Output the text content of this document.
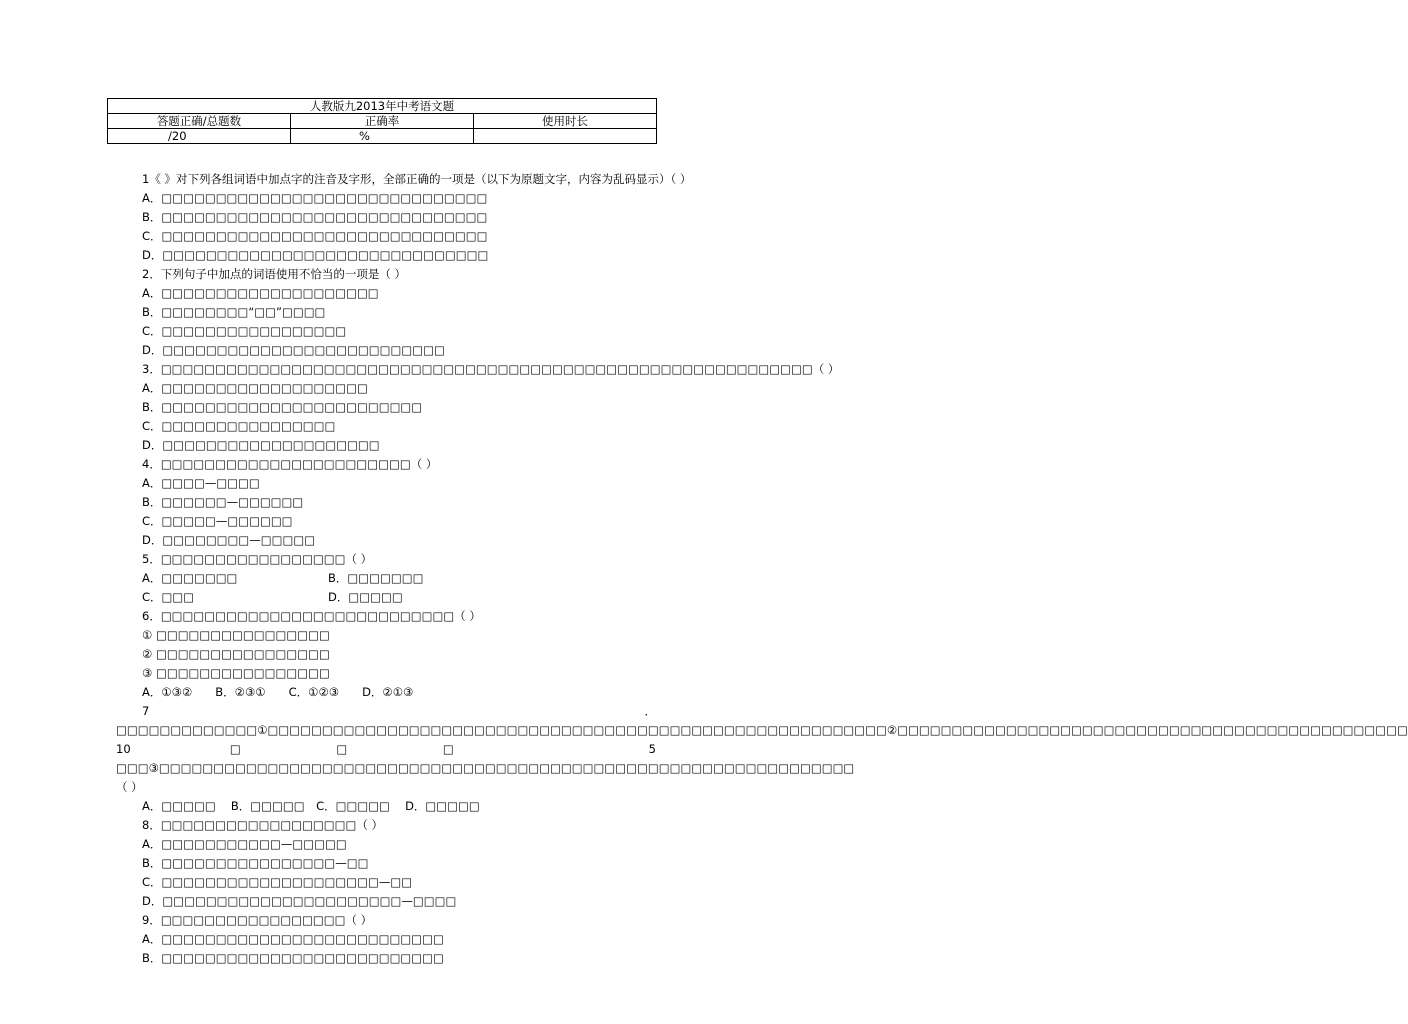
人教版九2013年中考语文题		
答题正确/总题数	正确率	使用时长
/20	%	
1《 》对下列各组词语中加点字的注音及字形，全部正确的一项是（以下为原题文字，内容为乱码显示）（ ）
A．□□□□□□□□□□□□□□□□□□□□□□□□□□□□□□
B．□□□□□□□□□□□□□□□□□□□□□□□□□□□□□□
C．□□□□□□□□□□□□□□□□□□□□□□□□□□□□□□
D．□□□□□□□□□□□□□□□□□□□□□□□□□□□□□□
2．下列句子中加点的词语使用不恰当的一项是（ ）
A．□□□□□□□□□□□□□□□□□□□□
B．□□□□□□□□“□□”□□□□
C．□□□□□□□□□□□□□□□□□
D．□□□□□□□□□□□□□□□□□□□□□□□□□□
3．□□□□□□□□□□□□□□□□□□□□□□□□□□□□□□□□□□□□□□□□□□□□□□□□□□□□□□□□□□□□（ ）
A．□□□□□□□□□□□□□□□□□□□
B．□□□□□□□□□□□□□□□□□□□□□□□□
C．□□□□□□□□□□□□□□□□
D．□□□□□□□□□□□□□□□□□□□□
4．□□□□□□□□□□□□□□□□□□□□□□□（ ）
A．□□□□—□□□□
B．□□□□□□—□□□□□□
C．□□□□□—□□□□□□
D．□□□□□□□□—□□□□□
5．□□□□□□□□□□□□□□□□□（ ）
A．□□□□□□□	B．□□□□□□□
C．□□□	D．□□□□□
6．□□□□□□□□□□□□□□□□□□□□□□□□□□□（ ）
① □□□□□□□□□□□□□□□□
② □□□□□□□□□□□□□□□□
③ □□□□□□□□□□□□□□□□
A．①③②　　B．②③①　　C．①②③　　D．②①③
7．□□□□□□□□□□□□□①□□□□□□□□□□□□□□□□□□□□□□□□□□□□□□□□□□□□□□□□□□□□□□□□□□□□□□□□□②□□□□□□□□□□□□□□□□□□□□□□□□□□□□□□□□□□□□□□□□□□□□□□□ 10 □□□ 5 □□□③□□□□□□□□□□□□□□□□□□□□□□□□□□□□□□□□□□□□□□□□□□□□□□□□□□□□□□□□□□□□□□□□（ ）
A．□□□□□　 B．□□□□□　C．□□□□□　 D．□□□□□
8．□□□□□□□□□□□□□□□□□□（ ）
A．□□□□□□□□□□□—□□□□□
B．□□□□□□□□□□□□□□□□—□□
C．□□□□□□□□□□□□□□□□□□□□—□□
D．□□□□□□□□□□□□□□□□□□□□□□—□□□□
9．□□□□□□□□□□□□□□□□□（ ）
A．□□□□□□□□□□□□□□□□□□□□□□□□□□
B．□□□□□□□□□□□□□□□□□□□□□□□□□□
